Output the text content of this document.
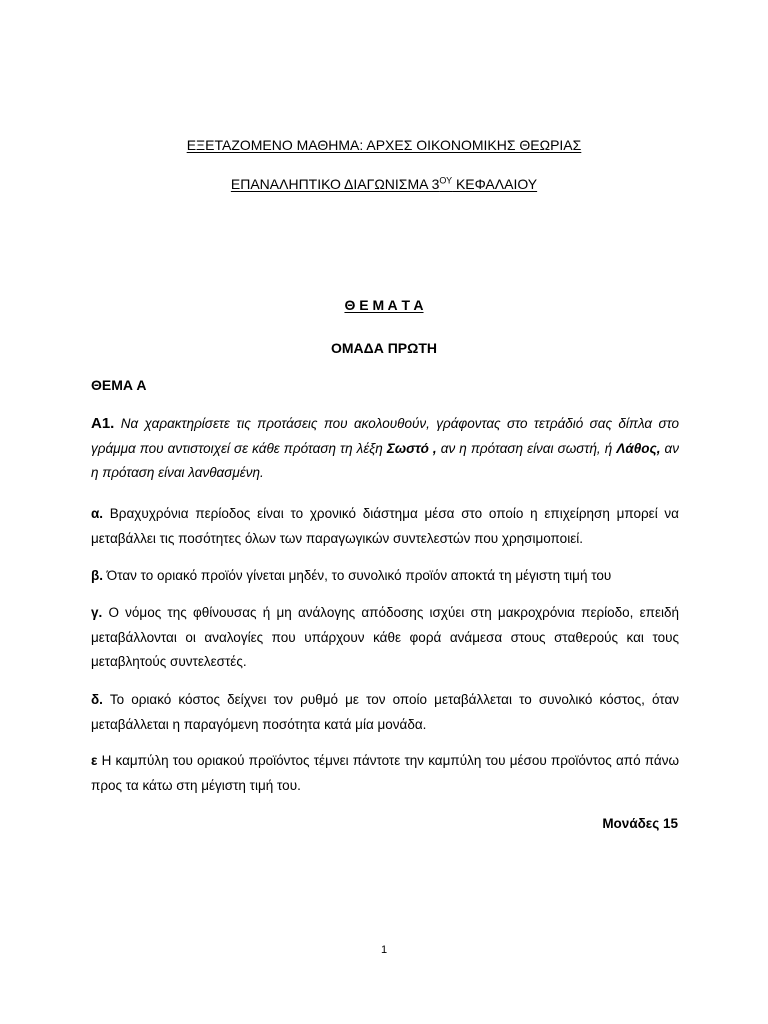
ΕΞΕΤΑΖΟΜΕΝΟ ΜΑΘΗΜΑ: ΑΡΧΕΣ ΟΙΚΟΝΟΜΙΚΗΣ ΘΕΩΡΙΑΣ
ΕΠΑΝΑΛΗΠΤΙΚΟ ΔΙΑΓΩΝΙΣΜΑ $3^{O\Upsilon}$ ΚΕΦΑΛΑΙΟΥ
Θ Ε Μ Α Τ Α
ΟΜΑΔΑ ΠΡΩΤΗ
ΘΕΜΑ Α
Α1. Να χαρακτηρίσετε τις προτάσεις που ακολουθούν, γράφοντας στο τετράδιό σας δίπλα στο γράμμα που αντιστοιχεί σε κάθε πρόταση τη λέξη Σωστό , αν η πρόταση είναι σωστή, ή Λάθος, αν η πρόταση είναι λανθασμένη.
α. Βραχυχρόνια περίοδος είναι το χρονικό διάστημα μέσα στο οποίο η επιχείρηση μπορεί να μεταβάλλει τις ποσότητες όλων των παραγωγικών συντελεστών που χρησιμοποιεί.
β. Όταν το οριακό προϊόν γίνεται μηδέν, το συνολικό προϊόν αποκτά τη μέγιστη τιμή του
γ. Ο νόμος της φθίνουσας ή μη ανάλογης απόδοσης ισχύει στη μακροχρόνια περίοδο, επειδή μεταβάλλονται οι αναλογίες που υπάρχουν κάθε φορά ανάμεσα στους σταθερούς και τους μεταβλητούς συντελεστές.
δ. Το οριακό κόστος δείχνει τον ρυθμό με τον οποίο μεταβάλλεται το συνολικό κόστος, όταν μεταβάλλεται η παραγόμενη ποσότητα κατά μία μονάδα.
ε Η καμπύλη του οριακού προϊόντος τέμνει πάντοτε την καμπύλη του μέσου προϊόντος από πάνω προς τα κάτω στη μέγιστη τιμή του.
Μονάδες 15
1
